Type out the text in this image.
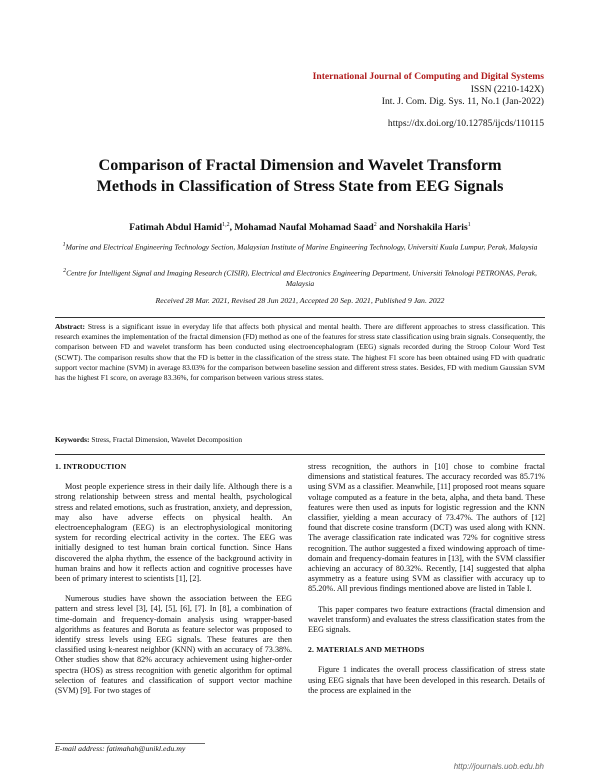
International Journal of Computing and Digital Systems
ISSN (2210-142X)
Int. J. Com. Dig. Sys. 11, No.1 (Jan-2022)
https://dx.doi.org/10.12785/ijcds/110115
Comparison of Fractal Dimension and Wavelet Transform
Methods in Classification of Stress State from EEG Signals
Fatimah Abdul Hamid$^{1,2}$, Mohamad Naufal Mohamad Saad$^2$ and Norshakila Haris$^1$
$^1$Marine and Electrical Engineering Technology Section, Malaysian Institute of Marine Engineering Technology, Universiti Kuala Lumpur, Perak, Malaysia
$^2$Centre for Intelligent Signal and Imaging Research (CISIR), Electrical and Electronics Engineering Department, Universiti Teknologi PETRONAS, Perak, Malaysia
Received 28 Mar. 2021, Revised 28 Jun 2021, Accepted 20 Sep. 2021, Published 9 Jan. 2022
Abstract: Stress is a significant issue in everyday life that affects both physical and mental health. There are different approaches to stress classification. This research examines the implementation of the fractal dimension (FD) method as one of the features for stress state classification using brain signals. Consequently, the comparison between FD and wavelet transform has been conducted using electroencephalogram (EEG) signals recorded during the Stroop Colour Word Test (SCWT). The comparison results show that the FD is better in the classification of the stress state. The highest F1 score has been obtained using FD with quadratic support vector machine (SVM) in average 83.03% for the comparison between baseline session and different stress states. Besides, FD with medium Gaussian SVM has the highest F1 score, on average 83.36%, for comparison between various stress states.
Keywords: Stress, Fractal Dimension, Wavelet Decomposition

1. INTRODUCTION

Most people experience stress in their daily life. Although there is a strong relationship between stress and mental health, psychological stress and related emotions, such as frustration, anxiety, and depression, may also have adverse effects on physical health. An electroencephalogram (EEG) is an electrophysiological monitoring system for recording electrical activity in the cortex. The EEG was initially designed to test human brain cortical function. Since Hans discovered the alpha rhythm, the essence of the background activity in human brains and how it reflects action and cognitive processes have been of primary interest to scientists [1], [2].

Numerous studies have shown the association between the EEG pattern and stress level [3], [4], [5], [6], [7]. In [8], a combination of time-domain and frequency-domain analysis using wrapper-based algorithms as features and Boruta as feature selector was proposed to identify stress levels using EEG signals. These features are then classified using k-nearest neighbor (KNN) with an accuracy of 73.38%. Other studies show that 82% accuracy achievement using higher-order spectra (HOS) as stress recognition with genetic algorithm for optimal selection of features and classification of support vector machine (SVM) [9]. For two stages of

stress recognition, the authors in [10] chose to combine fractal dimensions and statistical features. The accuracy recorded was 85.71% using SVM as a classifier. Meanwhile, [11] proposed root means square voltage computed as a feature in the beta, alpha, and theta band. These features were then used as inputs for logistic regression and the KNN classifier, yielding a mean accuracy of 73.47%. The authors of [12] found that discrete cosine transform (DCT) was used along with KNN. The average classification rate indicated was 72% for cognitive stress recognition. The author suggested a fixed windowing approach of time-domain and frequency-domain features in [13], with the SVM classifier achieving an accuracy of 80.32%. Recently, [14] suggested that alpha asymmetry as a feature using SVM as classifier with accuracy up to 85.20%. All previous findings mentioned above are listed in Table I.

This paper compares two feature extractions (fractal dimension and wavelet transform) and evaluates the stress classification states from the EEG signals.

2. MATERIALS AND METHODS

Figure 1 indicates the overall process classification of stress state using EEG signals that have been developed in this research. Details of the process are explained in the

E-mail address: fatimahah@unikl.edu.my
http://journals.uob.edu.bh
